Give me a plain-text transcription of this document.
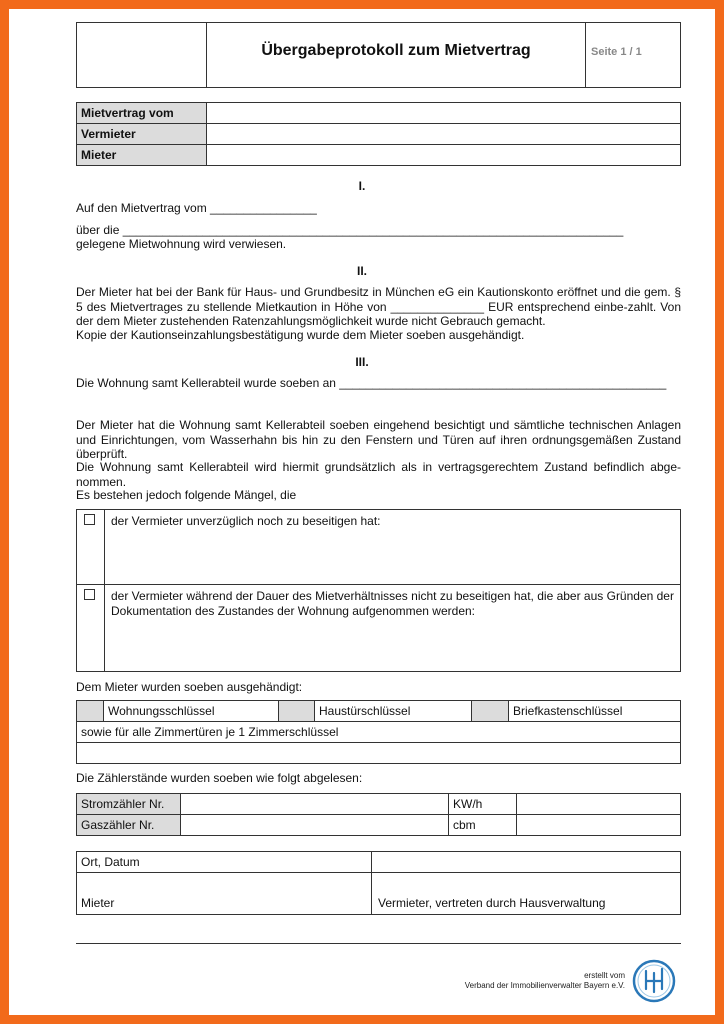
	Übergabeprotokoll zum Mietvertrag	Seite 1 / 1
Mietvertrag vom	
Vermieter	
Mieter	
I.
Auf den Mietvertrag vom ________________
über die ___________________________________________________________________________
gelegene Mietwohnung wird verwiesen.
II.
Der Mieter hat bei der Bank für Haus- und Grundbesitz in München eG ein Kautionskonto eröffnet und die gem. § 5 des Mietvertrages zu stellende Mietkaution in Höhe von ______________ EUR entsprechend einbe-zahlt. Von der dem Mieter zustehenden Ratenzahlungsmöglichkeit wurde nicht Gebrauch gemacht.
Kopie der Kautionseinzahlungsbestätigung wurde dem Mieter soeben ausgehändigt.
III.
Die Wohnung samt Kellerabteil wurde soeben an _________________________________________________
Der Mieter hat die Wohnung samt Kellerabteil soeben eingehend besichtigt und sämtliche technischen Anlagen und Einrichtungen, vom Wasserhahn bis hin zu den Fenstern und Türen auf ihren ordnungsgemäßen Zustand überprüft.
Die Wohnung samt Kellerabteil wird hiermit grundsätzlich als in vertragsgerechtem Zustand befindlich abge-nommen.
Es bestehen jedoch folgende Mängel, die
	der Vermieter unverzüglich noch zu beseitigen hat:
	der Vermieter während der Dauer des Mietverhältnisses nicht zu beseitigen hat, die aber aus Gründen der Dokumentation des Zustandes der Wohnung aufgenommen werden:
Dem Mieter wurden soeben ausgehändigt:
	Wohnungsschlüssel		Haustürschlüssel		Briefkastenschlüssel
sowie für alle Zimmertüren je 1 Zimmerschlüssel

Die Zählerstände wurden soeben wie folgt abgelesen:
Stromzähler Nr.		KW/h	
Gaszähler Nr.		cbm	
Ort, Datum	
Mieter	Vermieter, vertreten durch Hausverwaltung
erstellt vom
Verband der Immobilienverwalter Bayern e.V.
